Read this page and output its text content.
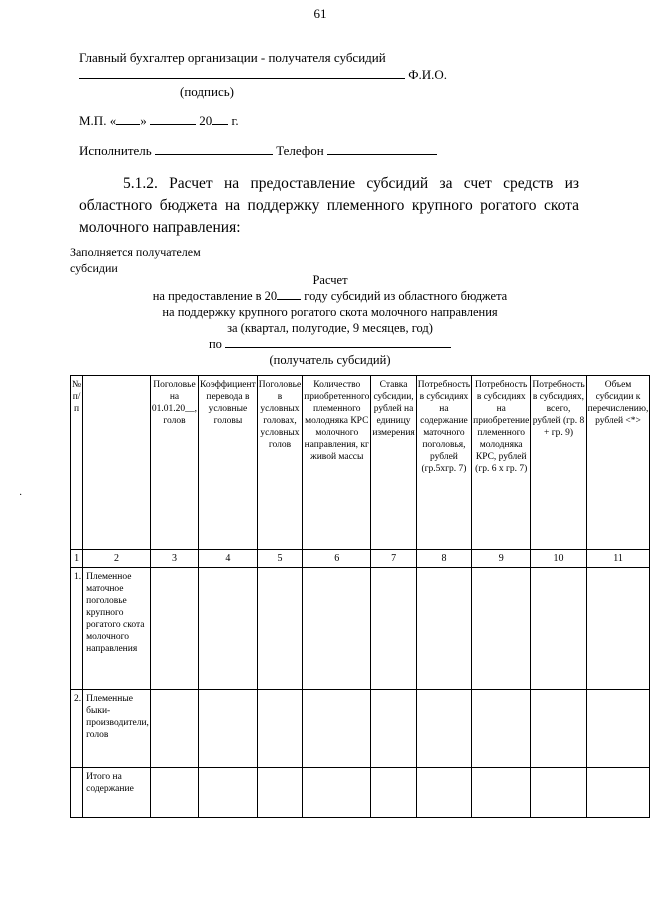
61
Главный бухгалтер организации - получателя субсидий
Ф.И.О.
(подпись)
М.П. « »	20 г.
Исполнитель	Телефон
5.1.2. Расчет на предоставление субсидий за счет средств из областного бюджета на поддержку племенного крупного рогатого скота молочного направления:
Заполняется получателем
субсидии
Расчет
на предоставление в 20 году субсидий из областного бюджета
на поддержку крупного рогатого скота молочного направления
за (квартал, полугодие, 9 месяцев, год)
по
(получатель субсидий)
·
№ п/п		Поголовье на 01.01.20__, голов	Коэффициент перевода в условные головы	Поголовье в условных головах, условных голов	Количество приобретенного племенного молодняка КРС молочного направления, кг живой массы	Ставка субсидии, рублей на единицу измерения	Потребность в субсидиях на содержание маточного поголовья, рублей (гр.5хгр. 7)	Потребность в субсидиях на приобретение племенного молодняка КРС, рублей (гр. 6 х гр. 7)	Потребность в субсидиях, всего, рублей (гр. 8 + гр. 9)	Объем субсидии к перечислению, рублей <*>
1	2	3	4	5	6	7	8	9	10	11
1.	Племенное маточное поголовье крупного рогатого скота молочного направления									
2.	Племенные быки-производители, голов									
	Итого на содержание									
